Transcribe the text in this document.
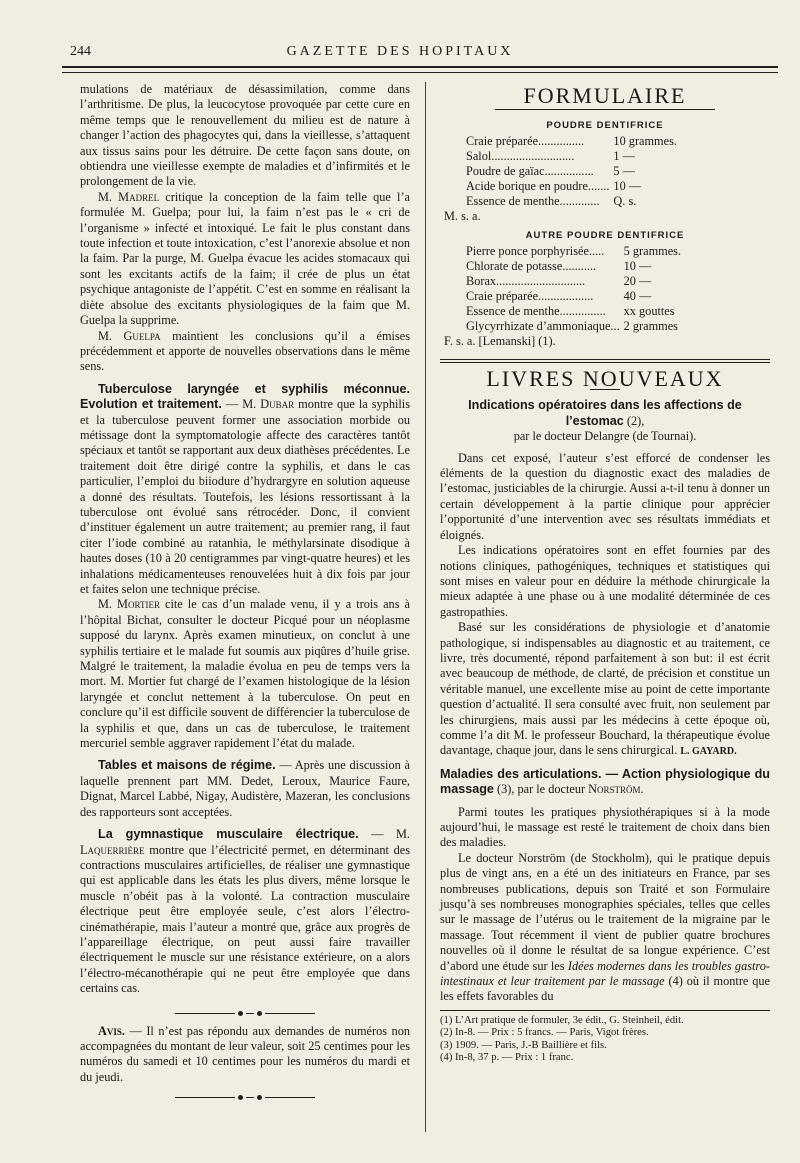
244	GAZETTE DES HOPITAUX

mulations de matériaux de désassimilation, comme dans l’arthritisme. De plus, la leucocytose provoquée par cette cure en même temps que le renouvellement du milieu est de nature à changer l’action des phagocytes qui, dans la vieillesse, s’attaquent aux tissus sains pour les détruire. De cette façon sans doute, on obtiendra une vieillesse exempte de maladies et d’infirmités et le prolongement de la vie.

M. Madrel critique la conception de la faim telle que l’a formulée M. Guelpa; pour lui, la faim n’est pas le « cri de l’organisme » infecté et intoxiqué. Le fait le plus constant dans toute infection et toute intoxication, c’est l’anorexie absolue et non la faim. Par la purge, M. Guelpa évacue les acides stomacaux qui sont les excitants actifs de la faim; il crée de plus un état psychique antagoniste de l’appétit. C’est en somme en réalisant la diète absolue des excitants physiologiques de la faim que M. Guelpa la supprime.

M. Guelpa maintient les conclusions qu’il a émises précédemment et apporte de nouvelles observations dans le même sens.

Tuberculose laryngée et syphilis méconnue. Evolution et traitement. — M. Dubar montre que la syphilis et la tuberculose peuvent former une association morbide ou métissage dont la symptomatologie affecte des caractères tantôt spéciaux et tantôt se rapportant aux deux diathèses précédentes. Le traitement doit être dirigé contre la syphilis, et dans le cas particulier, l’emploi du biiodure d’hydrargyre en solution aqueuse a donné des résultats. Toutefois, les lésions ressortissant à la tuberculose ont évolué sans rétrocéder. Donc, il convient d’instituer également un autre traitement; au premier rang, il faut citer l’iode combiné au ratanhia, le méthylarsinate disodique à hautes doses (10 à 20 centigrammes par vingt-quatre heures) et les inhalations médicamenteuses renouvelées huit à dix fois par jour et faites selon une technique précise.

M. Mortier cite le cas d’un malade venu, il y a trois ans à l’hôpital Bichat, consulter le docteur Picqué pour un néoplasme supposé du larynx. Après examen minutieux, on conclut à une syphilis tertiaire et le malade fut soumis aux piqûres d’huile grise. Malgré le traitement, la maladie évolua en peu de temps vers la mort. M. Mortier fut chargé de l’examen histologique de la lésion laryngée et conclut nettement à la tuberculose. On peut en conclure qu’il est difficile souvent de différencier la tuberculose de la syphilis et que, dans un cas de tuberculose, le traitement mercuriel semble aggraver rapidement l’état du malade.

Tables et maisons de régime. — Après une discussion à laquelle prennent part MM. Dedet, Leroux, Maurice Faure, Dignat, Marcel Labbé, Nigay, Audistère, Mazeran, les conclusions des rapporteurs sont acceptées.

La gymnastique musculaire électrique. — M. Laquerrière montre que l’électricité permet, en déterminant des contractions musculaires artificielles, de réaliser une gymnastique qui est applicable dans les états les plus divers, même lorsque le muscle n’obéit pas à la volonté. La contraction musculaire électrique peut être employée seule, c’est alors l’électro-cinémathérapie, mais l’auteur a montré que, grâce aux progrès de l’appareillage électrique, on peut aussi faire travailler électriquement le muscle sur une résistance extérieure, on a alors l’électro-mécanothérapie qui ne peut être employée que dans certains cas.

Avis. — Il n’est pas répondu aux demandes de numéros non accompagnées du montant de leur valeur, soit 25 centimes pour les numéros du samedi et 10 centimes pour les numéros du mardi et du jeudi.

FORMULAIRE
POUDRE DENTIFRICE
Craie préparée...............	10 grammes.
Salol...........................	1 —
Poudre de gaïac................	5 —
Acide borique en poudre.......	10 —
Essence de menthe.............	Q. s.
M. s. a.
AUTRE POUDRE DENTIFRICE
Pierre ponce porphyrisée.....	5 grammes.
Chlorate de potasse...........	10 —
Borax.............................	20 —
Craie préparée..................	40 —
Essence de menthe...............	xx gouttes
Glycyrrhizate d’ammoniaque...	2 grammes
F. s. a. [Lemanski] (1).
LIVRES NOUVEAUX

Indications opératoires dans les affections de l’estomac (2),

par le docteur Delangre (de Tournai).

Dans cet exposé, l’auteur s’est efforcé de condenser les éléments de la question du diagnostic exact des maladies de l’estomac, justiciables de la chirurgie. Aussi a-t-il tenu à donner un certain développement à la partie clinique pour apprécier l’opportunité d’une intervention avec ses résultats immédiats et éloignés.

Les indications opératoires sont en effet fournies par des notions cliniques, pathogéniques, techniques et statistiques qui sont mises en valeur pour en déduire la méthode chirurgicale la mieux adaptée à une phase ou à une modalité déterminée de ces gastropathies.

Basé sur les considérations de physiologie et d’anatomie pathologique, si indispensables au diagnostic et au traitement, ce livre, très documenté, répond parfaitement à son but: il est écrit avec beaucoup de méthode, de clarté, de précision et constitue un véritable manuel, une excellente mise au point de cette importante question d’actualité. Il sera consulté avec fruit, non seulement par les chirurgiens, mais aussi par les médecins à cette époque où, comme l’a dit M. le professeur Bouchard, la thérapeutique évolue davantage, chaque jour, dans le sens chirurgical. L. GAYARD.

Maladies des articulations. — Action physiologique du massage (3), par le docteur Norström.

Parmi toutes les pratiques physiothérapiques si à la mode aujourd’hui, le massage est resté le traitement de choix dans bien des maladies.

Le docteur Norström (de Stockholm), qui le pratique depuis plus de vingt ans, en a été un des initiateurs en France, par ses nombreuses publications, depuis son Traité et son Formulaire jusqu’à ses nombreuses monographies spéciales, telles que celles sur le massage de l’utérus ou le traitement de la migraine par le massage. Tout récemment il vient de publier quatre brochures nouvelles où il donne le résultat de sa longue expérience. C’est d’abord une étude sur les Idées modernes dans les troubles gastro-intestinaux et leur traitement par le massage (4) où il montre que les effets favorables du

(1) L’Art pratique de formuler, 3e édit., G. Steinheil, édit.
(2) In-8. — Prix : 5 francs. — Paris, Vigot frères.
(3) 1909. — Paris, J.-B Baillière et fils.
(4) In-8, 37 p. — Prix : 1 franc.
